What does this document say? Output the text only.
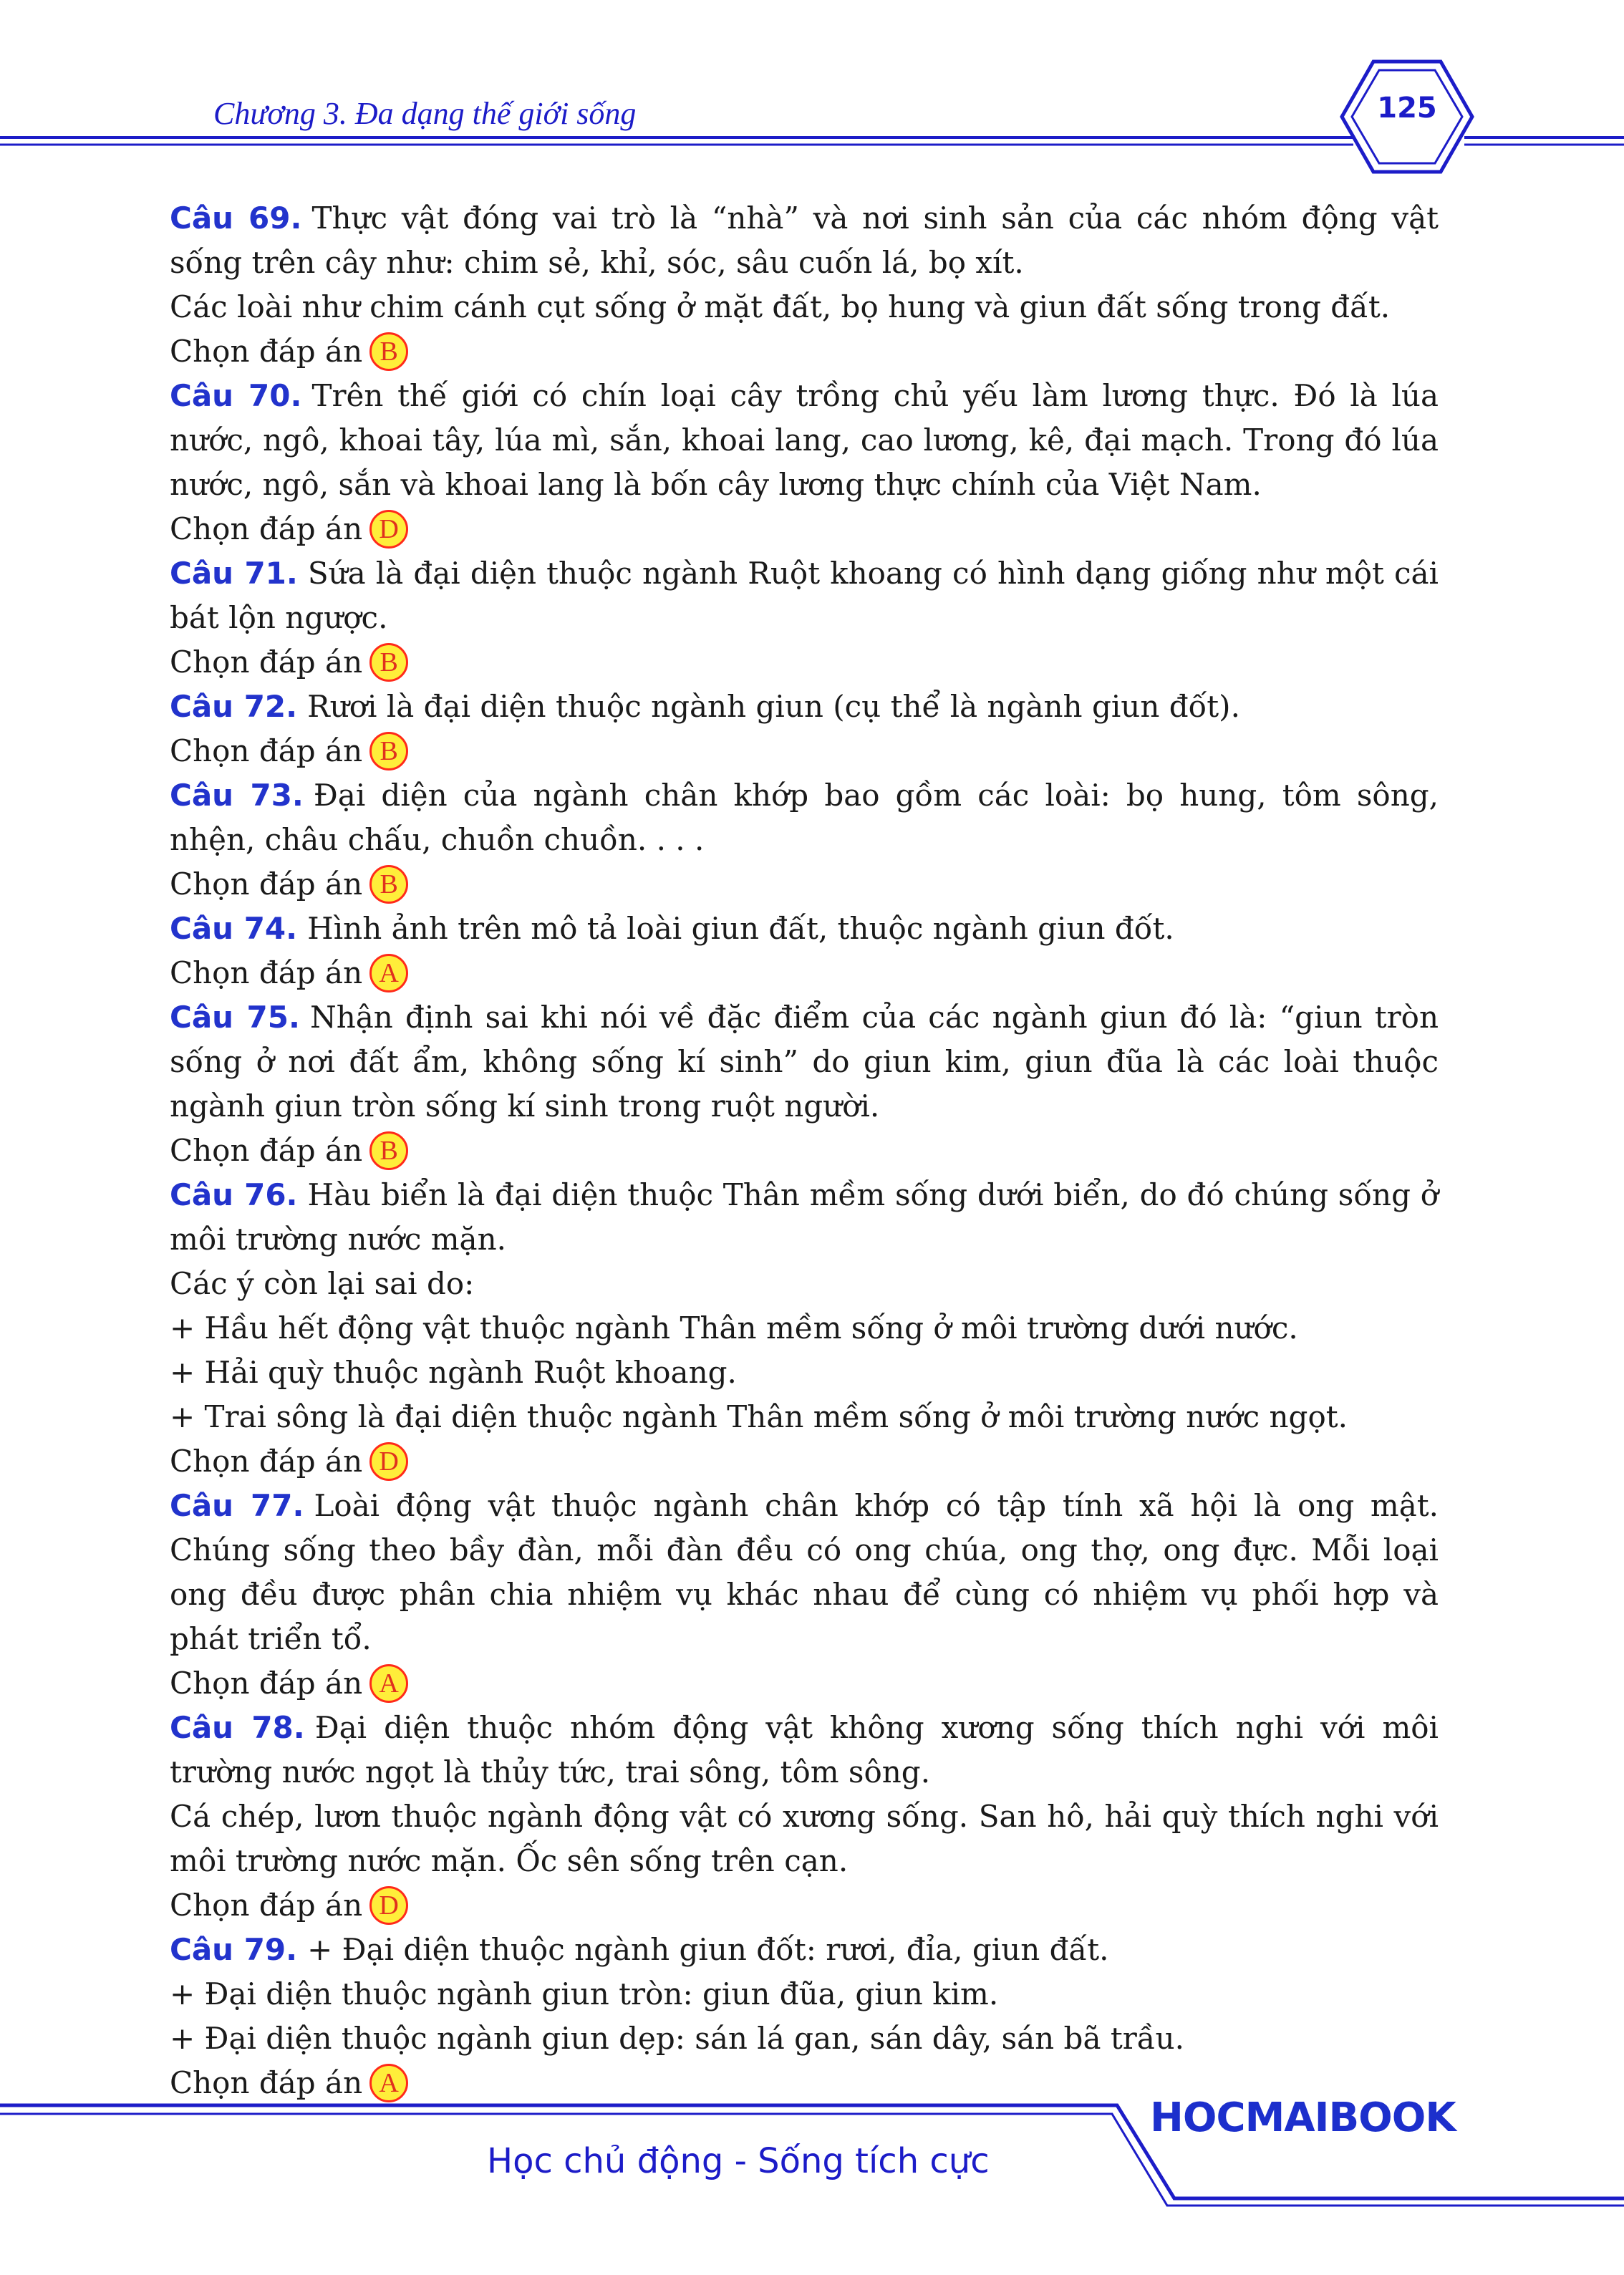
Chương 3. Đa dạng thế giới sống	125

Câu 69. Thực vật đóng vai trò là “nhà” và nơi sinh sản của các nhóm động vật sống trên cây như: chim sẻ, khỉ, sóc, sâu cuốn lá, bọ xít.

Các loài như chim cánh cụt sống ở mặt đất, bọ hung và giun đất sống trong đất.

Chọn đáp án B

Câu 70. Trên thế giới có chín loại cây trồng chủ yếu làm lương thực. Đó là lúa nước, ngô, khoai tây, lúa mì, sắn, khoai lang, cao lương, kê, đại mạch. Trong đó lúa nước, ngô, sắn và khoai lang là bốn cây lương thực chính của Việt Nam.

Chọn đáp án D

Câu 71. Sứa là đại diện thuộc ngành Ruột khoang có hình dạng giống như một cái bát lộn ngược.

Chọn đáp án B

Câu 72. Rươi là đại diện thuộc ngành giun (cụ thể là ngành giun đốt).

Chọn đáp án B

Câu 73. Đại diện của ngành chân khớp bao gồm các loài: bọ hung, tôm sông, nhện, châu chấu, chuồn chuồn. . . .

Chọn đáp án B

Câu 74. Hình ảnh trên mô tả loài giun đất, thuộc ngành giun đốt.

Chọn đáp án A

Câu 75. Nhận định sai khi nói về đặc điểm của các ngành giun đó là: “giun tròn sống ở nơi đất ẩm, không sống kí sinh” do giun kim, giun đũa là các loài thuộc ngành giun tròn sống kí sinh trong ruột người.

Chọn đáp án B

Câu 76. Hàu biển là đại diện thuộc Thân mềm sống dưới biển, do đó chúng sống ở môi trường nước mặn.

Các ý còn lại sai do:

+ Hầu hết động vật thuộc ngành Thân mềm sống ở môi trường dưới nước.

+ Hải quỳ thuộc ngành Ruột khoang.

+ Trai sông là đại diện thuộc ngành Thân mềm sống ở môi trường nước ngọt.

Chọn đáp án D

Câu 77. Loài động vật thuộc ngành chân khớp có tập tính xã hội là ong mật. Chúng sống theo bầy đàn, mỗi đàn đều có ong chúa, ong thợ, ong đực. Mỗi loại ong đều được phân chia nhiệm vụ khác nhau để cùng có nhiệm vụ phối hợp và phát triển tổ.

Chọn đáp án A

Câu 78. Đại diện thuộc nhóm động vật không xương sống thích nghi với môi trường nước ngọt là thủy tức, trai sông, tôm sông.

Cá chép, lươn thuộc ngành động vật có xương sống. San hô, hải quỳ thích nghi với môi trường nước mặn. Ốc sên sống trên cạn.

Chọn đáp án D

Câu 79. + Đại diện thuộc ngành giun đốt: rươi, đỉa, giun đất.

+ Đại diện thuộc ngành giun tròn: giun đũa, giun kim.

+ Đại diện thuộc ngành giun dẹp: sán lá gan, sán dây, sán bã trầu.

Chọn đáp án A

HOCMAIBOOK
Học chủ động - Sống tích cực
